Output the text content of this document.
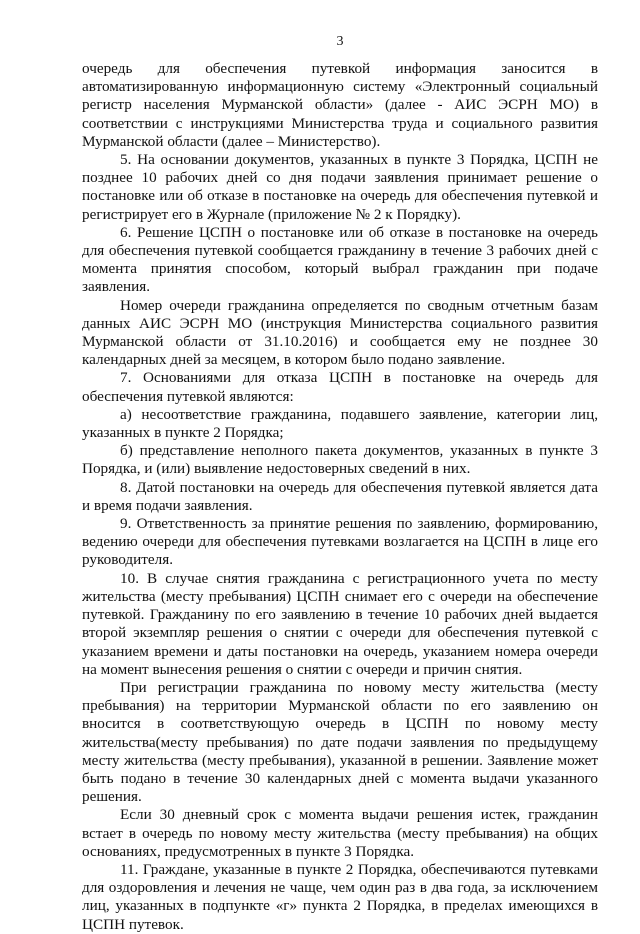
3

очередь для обеспечения путевкой информация заносится в автоматизированную информационную систему «Электронный социальный регистр населения Мурманской области» (далее - АИС ЭСРН МО) в соответствии с инструкциями Министерства труда и социального развития Мурманской области (далее – Министерство).

5. На основании документов, указанных в пункте 3 Порядка, ЦСПН не позднее 10 рабочих дней со дня подачи заявления принимает решение о постановке или об отказе в постановке на очередь для обеспечения путевкой и регистрирует его в Журнале (приложение № 2 к Порядку).

6. Решение ЦСПН о постановке или об отказе в постановке на очередь для обеспечения путевкой сообщается гражданину в течение 3 рабочих дней с момента принятия способом, который выбрал гражданин при подаче заявления.

Номер очереди гражданина определяется по сводным отчетным базам данных АИС ЭСРН МО (инструкция Министерства социального развития Мурманской области от 31.10.2016) и сообщается ему не позднее 30 календарных дней за месяцем, в котором было подано заявление.

7. Основаниями для отказа ЦСПН в постановке на очередь для обеспечения путевкой являются:

а) несоответствие гражданина, подавшего заявление, категории лиц, указанных в пункте 2 Порядка;

б) представление неполного пакета документов, указанных в пункте 3 Порядка, и (или) выявление недостоверных сведений в них.

8. Датой постановки на очередь для обеспечения путевкой является дата и время подачи заявления.

9. Ответственность за принятие решения по заявлению, формированию, ведению очереди для обеспечения путевками возлагается на ЦСПН в лице его руководителя.

10. В случае снятия гражданина с регистрационного учета по месту жительства (месту пребывания) ЦСПН снимает его с очереди на обеспечение путевкой. Гражданину по его заявлению в течение 10 рабочих дней выдается второй экземпляр решения о снятии с очереди для обеспечения путевкой с указанием времени и даты постановки на очередь, указанием номера очереди на момент вынесения решения о снятии с очереди и причин снятия.

При регистрации гражданина по новому месту жительства (месту пребывания) на территории Мурманской области по его заявлению он вносится в соответствующую очередь в ЦСПН по новому месту жительства(месту пребывания) по дате подачи заявления по предыдущему месту жительства (месту пребывания), указанной в решении. Заявление может быть подано в течение 30 календарных дней с момента выдачи указанного решения.

Если 30 дневный срок с момента выдачи решения истек, гражданин встает в очередь по новому месту жительства (месту пребывания) на общих основаниях, предусмотренных в пункте 3 Порядка.

11. Граждане, указанные в пункте 2 Порядка, обеспечиваются путевками для оздоровления и лечения не чаще, чем один раз в два года, за исключением лиц, указанных в подпункте «г» пункта 2 Порядка, в пределах имеющихся в ЦСПН путевок.
